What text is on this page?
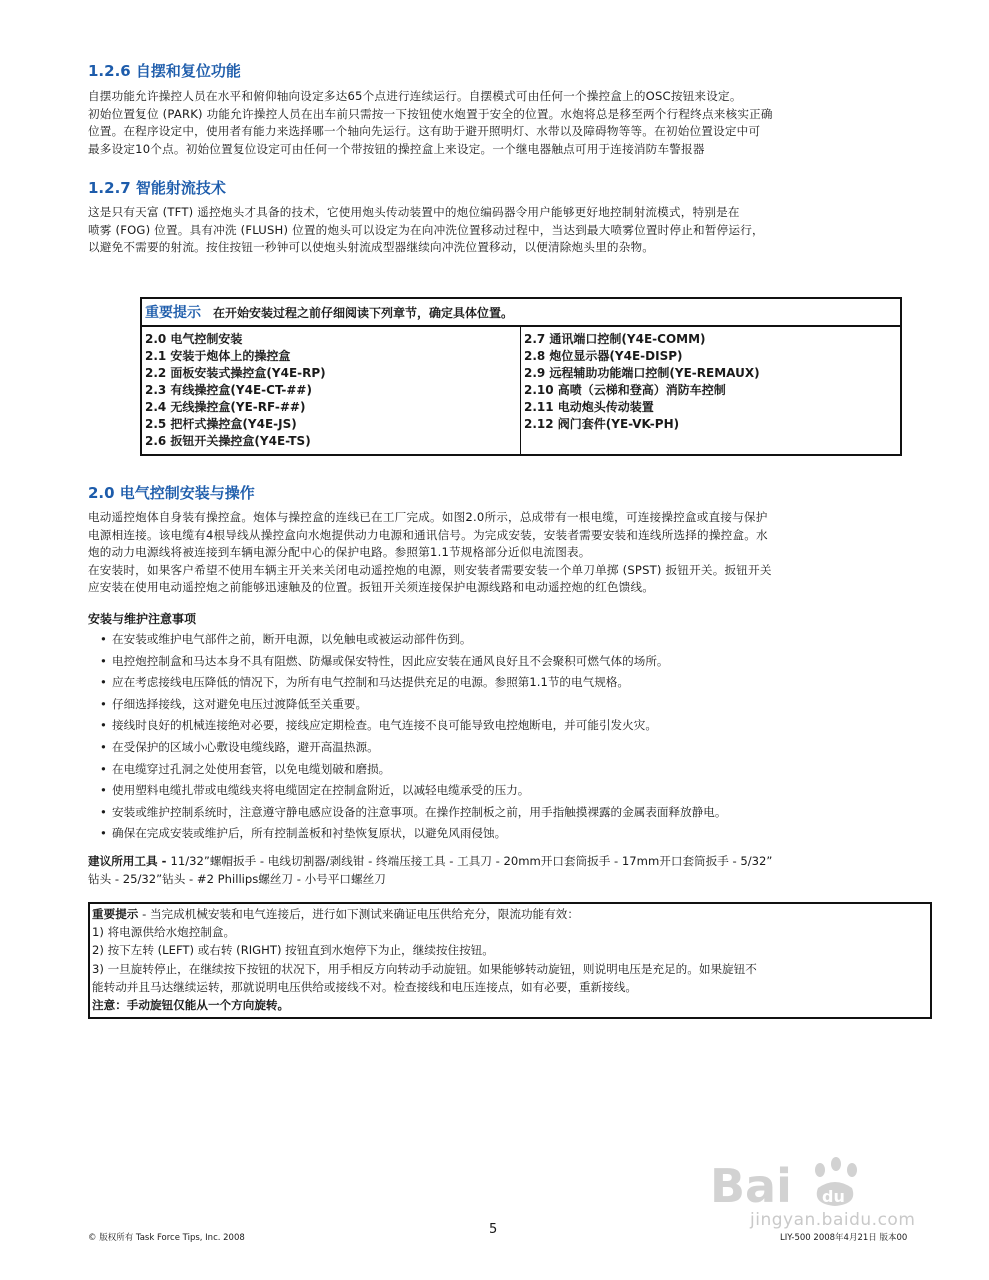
1.2.6 自摆和复位功能
自摆功能允许操控人员在水平和俯仰轴向设定多达65个点进行连续运行。自摆模式可由任何一个操控盒上的OSC按钮来设定。
初始位置复位 (PARK) 功能允许操控人员在出车前只需按一下按钮使水炮置于安全的位置。水炮将总是移至两个行程终点来核实正确
位置。在程序设定中，使用者有能力来选择哪一个轴向先运行。这有助于避开照明灯、水带以及障碍物等等。在初始位置设定中可
最多设定10个点。初始位置复位设定可由任何一个带按钮的操控盒上来设定。一个继电器触点可用于连接消防车警报器
1.2.7 智能射流技术
这是只有天富 (TFT) 遥控炮头才具备的技术，它使用炮头传动装置中的炮位编码器令用户能够更好地控制射流模式，特别是在
喷雾 (FOG) 位置。具有冲洗 (FLUSH) 位置的炮头可以设定为在向冲洗位置移动过程中，当达到最大喷雾位置时停止和暂停运行，
以避免不需要的射流。按住按钮一秒钟可以使炮头射流成型器继续向冲洗位置移动，以便清除炮头里的杂物。
重要提示 在开始安装过程之前仔细阅读下列章节，确定具体位置。
2.0 电气控制安装
2.1 安装于炮体上的操控盒
2.2 面板安装式操控盒(Y4E-RP)
2.3 有线操控盒(Y4E-CT-##)
2.4 无线操控盒(YE-RF-##)
2.5 把杆式操控盒(Y4E-JS)
2.6 扳钮开关操控盒(Y4E-TS)
2.7 通讯端口控制(Y4E-COMM)
2.8 炮位显示器(Y4E-DISP)
2.9 远程辅助功能端口控制(YE-REMAUX)
2.10 高喷（云梯和登高）消防车控制
2.11 电动炮头传动装置
2.12 阀门套件(YE-VK-PH)
2.0 电气控制安装与操作
电动遥控炮体自身装有操控盒。炮体与操控盒的连线已在工厂完成。如图2.0所示，总成带有一根电缆，可连接操控盒或直接与保护
电源相连接。该电缆有4根导线从操控盒向水炮提供动力电源和通讯信号。为完成安装，安装者需要安装和连线所选择的操控盒。水
炮的动力电源线将被连接到车辆电源分配中心的保护电路。参照第1.1节规格部分近似电流图表。
在安装时，如果客户希望不使用车辆主开关来关闭电动遥控炮的电源，则安装者需要安装一个单刀单掷 (SPST) 扳钮开关。扳钮开关
应安装在使用电动遥控炮之前能够迅速触及的位置。扳钮开关须连接保护电源线路和电动遥控炮的红色馈线。

安装与维护注意事项

• 在安装或维护电气部件之前，断开电源，以免触电或被运动部件伤到。
• 电控炮控制盒和马达本身不具有阻燃、防爆或保安特性，因此应安装在通风良好且不会聚积可燃气体的场所。
• 应在考虑接线电压降低的情况下，为所有电气控制和马达提供充足的电源。参照第1.1节的电气规格。
• 仔细选择接线，这对避免电压过渡降低至关重要。
• 接线时良好的机械连接绝对必要，接线应定期检查。电气连接不良可能导致电控炮断电，并可能引发火灾。
• 在受保护的区域小心敷设电缆线路，避开高温热源。
• 在电缆穿过孔洞之处使用套管，以免电缆划破和磨损。
• 使用塑料电缆扎带或电缆线夹将电缆固定在控制盒附近，以减轻电缆承受的压力。
• 安装或维护控制系统时，注意遵守静电感应设备的注意事项。在操作控制板之前，用手指触摸裸露的金属表面释放静电。
• 确保在完成安装或维护后，所有控制盖板和衬垫恢复原状，以避免风雨侵蚀。
建议所用工具 - 11/32”螺帽扳手 - 电线切割器/剥线钳 - 终端压接工具 - 工具刀 - 20mm开口套筒扳手 - 17mm开口套筒扳手 - 5/32”
钻头 - 25/32”钻头 - #2 Phillips螺丝刀 - 小号平口螺丝刀
重要提示 - 当完成机械安装和电气连接后，进行如下测试来确证电压供给充分，限流功能有效：
1) 将电源供给水炮控制盒。
2) 按下左转 (LEFT) 或右转 (RIGHT) 按钮直到水炮停下为止，继续按住按钮。
3) 一旦旋转停止，在继续按下按钮的状况下，用手相反方向转动手动旋钮。如果能够转动旋钮，则说明电压是充足的。如果旋钮不
能转动并且马达继续运转，那就说明电压供给或接线不对。检查接线和电压连接点，如有必要，重新接线。
注意：手动旋钮仅能从一个方向旋转。
Bai du
jingyan.baidu.com
© 版权所有 Task Force Tips, Inc. 2008
5
LIY-500 2008年4月21日 版本00
